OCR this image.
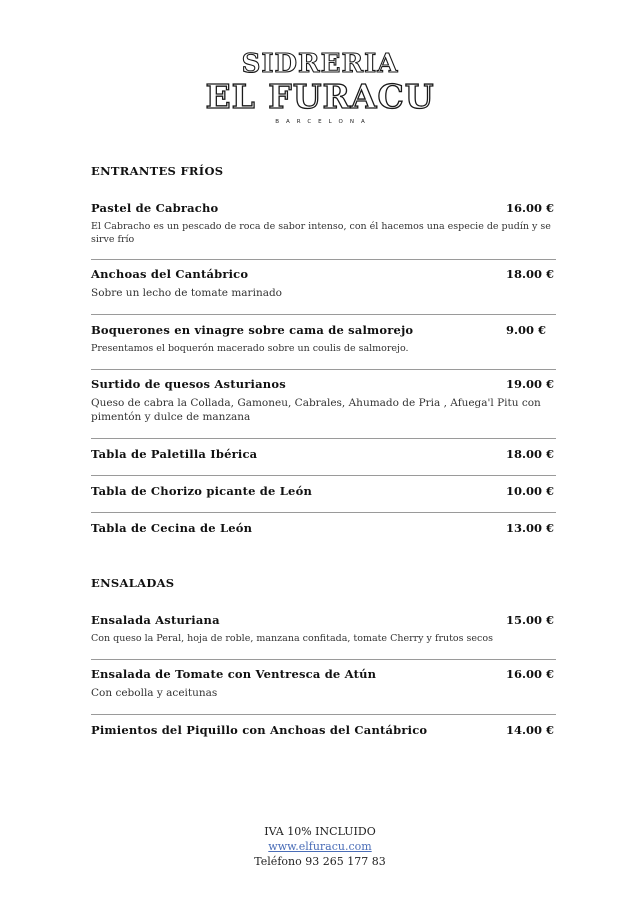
SIDRERIA
EL FURACU
BARCELONA
ENTRANTES FRÍOS
Pastel de Cabracho	16.00 €
El Cabracho es un pescado de roca de sabor intenso, con él hacemos una especie de pudín y se sirve frío
Anchoas del Cantábrico	18.00 €
Sobre un lecho de tomate marinado
Boquerones en vinagre sobre cama de salmorejo	9.00 €
Presentamos el boquerón macerado sobre un coulis de salmorejo.
Surtido de quesos Asturianos	19.00 €
Queso de cabra la Collada, Gamoneu, Cabrales, Ahumado de Pria , Afuega'l Pitu con pimentón y dulce de manzana
Tabla de Paletilla Ibérica	18.00 €
Tabla de Chorizo picante de León	10.00 €
Tabla de Cecina de León	13.00 €
ENSALADAS
Ensalada Asturiana	15.00 €
Con queso la Peral, hoja de roble, manzana confitada, tomate Cherry y frutos secos
Ensalada de Tomate con Ventresca de Atún	16.00 €
Con cebolla y aceitunas
Pimientos del Piquillo con Anchoas del Cantábrico	14.00 €
IVA 10% INCLUIDO
www.elfuracu.com
Teléfono 93 265 177 83
